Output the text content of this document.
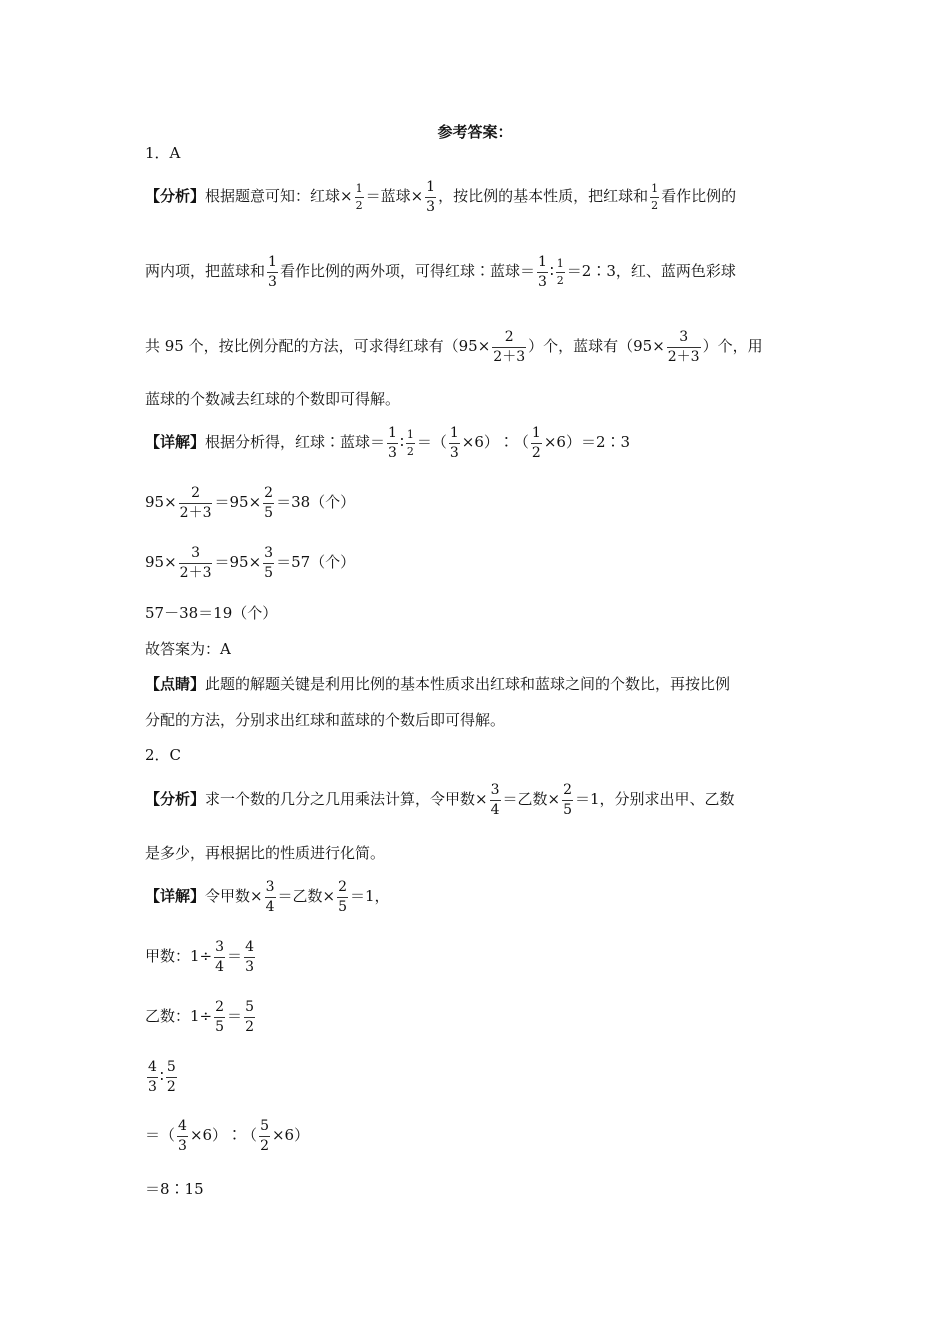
参考答案：
1．A
【分析】根据题意可知：红球× $\frac{1}{2}$ ＝蓝球× $\frac{1}{3}$ ，按比例的基本性质，把红球和 $\frac{1}{2}$ 看作比例的
两内项，把蓝球和 $\frac{1}{3}$ 看作比例的两外项，可得红球∶蓝球＝ $\frac{1}{3}$ ∶ $\frac{1}{2}$ ＝2∶3，红、蓝两色彩球
共 95 个，按比例分配的方法，可求得红球有（$95\times \frac{2}{2+3}$ ）个，蓝球有（$95\times \frac{3}{2+3}$ ）个，用
蓝球的个数减去红球的个数即可得解。
【详解】根据分析得，红球∶蓝球＝ $\frac{1}{3}$ ∶ $\frac{1}{2}$ ＝（ $\frac{1}{3}$ ×6）∶（ $\frac{1}{2}$ ×6）＝2∶3
$95\times \frac{2}{2+3} =95\times \frac{2}{5} =38$（个）
$95\times \frac{3}{2+3} =95\times \frac{3}{5} =57$（个）
57－38＝19（个）
故答案为：A
【点睛】此题的解题关键是利用比例的基本性质求出红球和蓝球之间的个数比，再按比例
分配的方法，分别求出红球和蓝球的个数后即可得解。
2．C
【分析】求一个数的几分之几用乘法计算，令甲数× $\frac{3}{4}$ ＝乙数× $\frac{2}{5} =1$，分别求出甲、乙数
是多少，再根据比的性质进行化简。
【详解】令甲数× $\frac{3}{4}$ ＝乙数× $\frac{2}{5} =1$，
甲数：$1\div \frac{3}{4} = \frac{4}{3}$
乙数：$1\div \frac{2}{5} = \frac{5}{2}$
$\frac{4}{3}$ ∶ $\frac{5}{2}$
＝（ $\frac{4}{3}$ ×6）∶（ $\frac{5}{2} \times 6$）
＝8∶15
